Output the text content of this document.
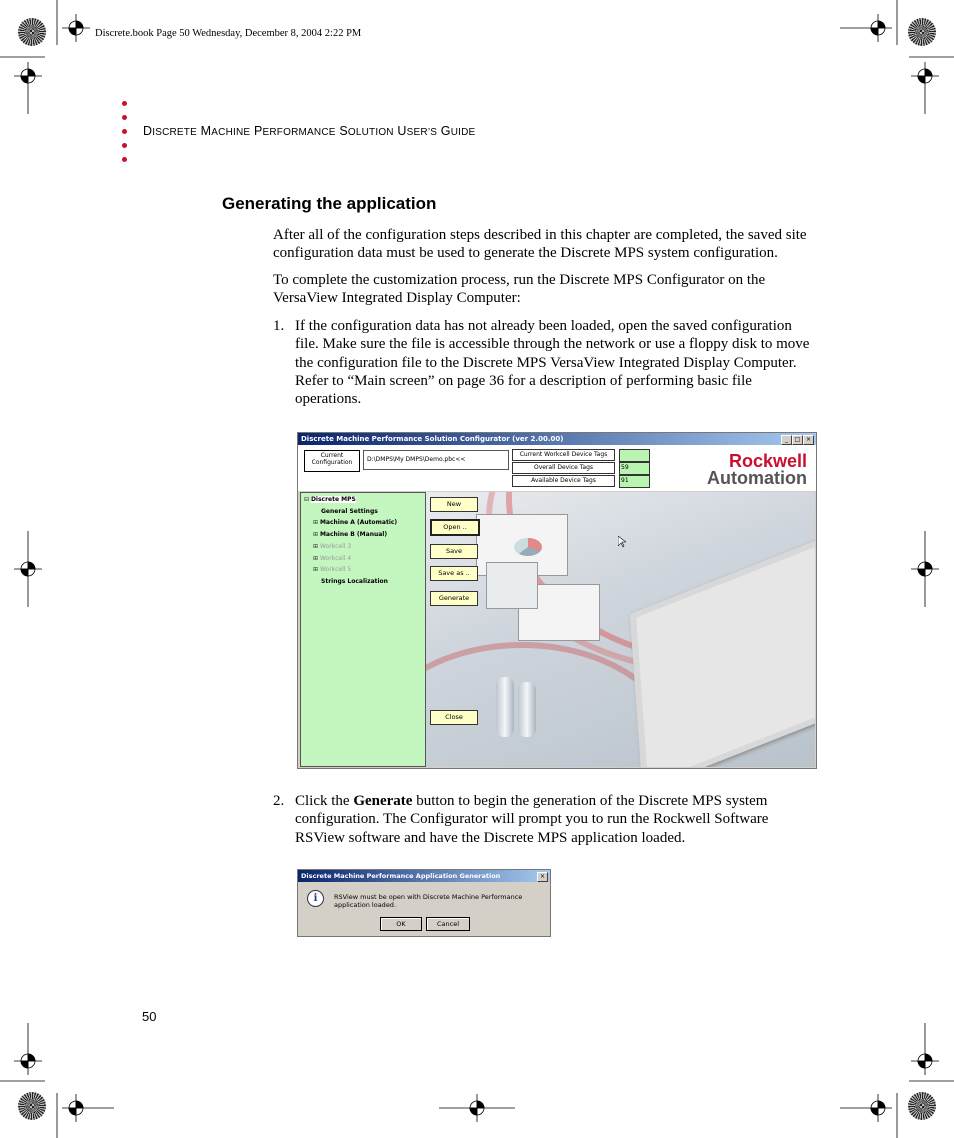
Discrete.book Page 50 Wednesday, December 8, 2004 2:22 PM
DISCRETE MACHINE PERFORMANCE SOLUTION USER’S GUIDE
Generating the application

After all of the configuration steps described in this chapter are completed, the saved site configuration data must be used to generate the Discrete MPS system configuration.

To complete the customization process, run the Discrete MPS Configurator on the VersaView Integrated Display Computer:

1. If the configuration data has not already been loaded, open the saved configuration file. Make sure the file is accessible through the network or use a floppy disk to move the configuration file to the Discrete MPS VersaView Integrated Display Computer. Refer to “Main screen” on page 36 for a description of performing basic file operations.
Discrete Machine Performance Solution Configurator (ver 2.00.00)	_	□ ×
Current Configuration	D:\DMPS\My DMPS\Demo.pbc<<
Current Workcell Device Tags
Overall Device Tags
Available Device Tags
59
91
Rockwell
Automation
⊟ Discrete MPS
General Settings
⊞ Machine A (Automatic)
⊞ Machine B (Manual)
⊞ Workcell 3
⊞ Workcell 4
⊞ Workcell 5
Strings Localization
New
Open ..
Save
Save as ..
Generate
Close
2. Click the Generate button to begin the generation of the Discrete MPS system configuration. The Configurator will prompt you to run the Rockwell Software RSView software and have the Discrete MPS application loaded.
Discrete Machine Performance Application Generation	×
i	RSView must be open with Discrete Machine Performance application loaded.
OK	Cancel
50
